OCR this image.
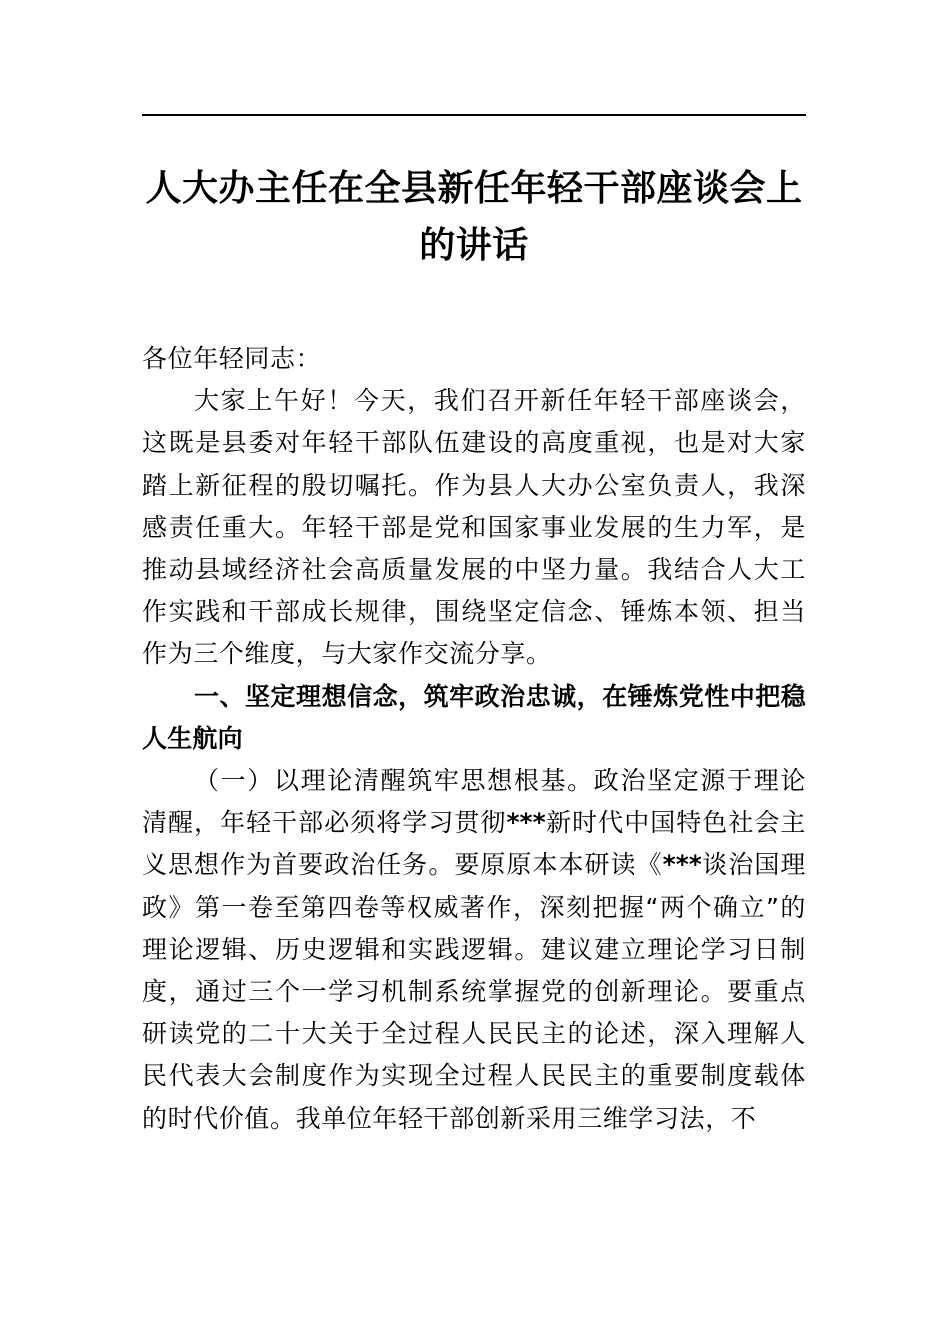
人大办主任在全县新任年轻干部座谈会上
的讲话

各位年轻同志：

大家上午好！今天，我们召开新任年轻干部座谈会，这既是县委对年轻干部队伍建设的高度重视，也是对大家踏上新征程的殷切嘱托。作为县人大办公室负责人，我深感责任重大。年轻干部是党和国家事业发展的生力军，是推动县域经济社会高质量发展的中坚力量。我结合人大工作实践和干部成长规律，围绕坚定信念、锤炼本领、担当作为三个维度，与大家作交流分享。

一、坚定理想信念，筑牢政治忠诚，在锤炼党性中把稳人生航向

（一）以理论清醒筑牢思想根基。政治坚定源于理论清醒，年轻干部必须将学习贯彻***新时代中国特色社会主义思想作为首要政治任务。要原原本本研读《***谈治国理政》第一卷至第四卷等权威著作，深刻把握“两个确立”的理论逻辑、历史逻辑和实践逻辑。建议建立理论学习日制度，通过三个一学习机制系统掌握党的创新理论。要重点研读党的二十大关于全过程人民民主的论述，深入理解人民代表大会制度作为实现全过程人民民主的重要制度载体的时代价值。我单位年轻干部创新采用三维学习法，不
